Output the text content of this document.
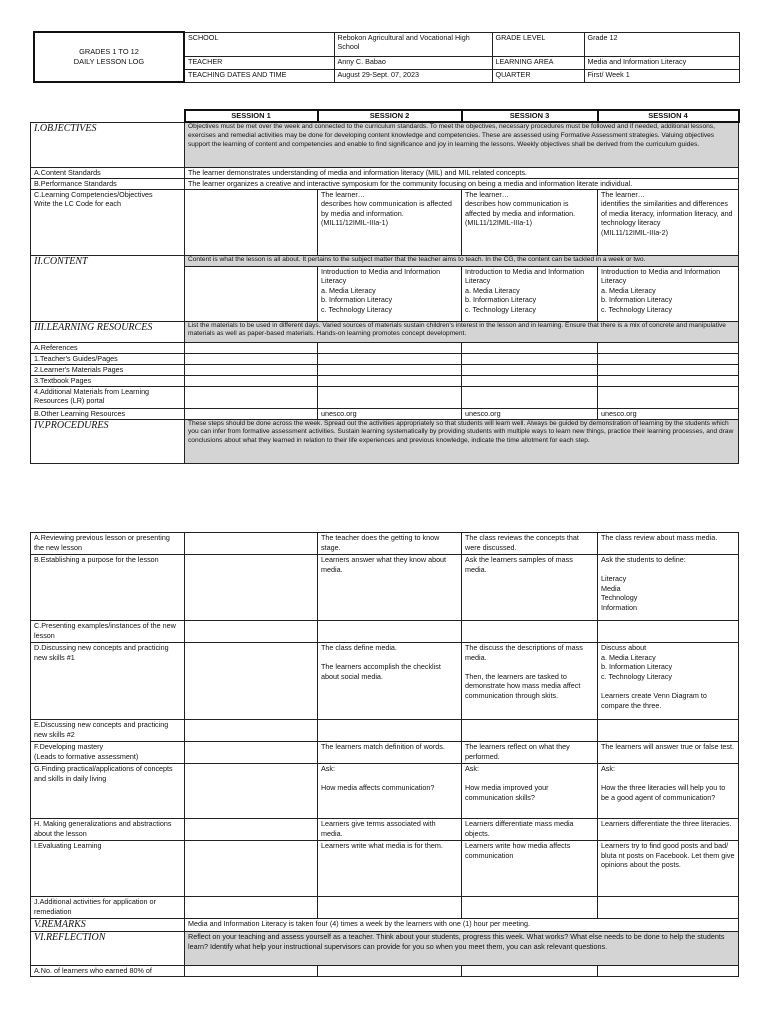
GRADES 1 TO 12
DAILY LESSON LOG	SCHOOL	Rebokon Agricultural and Vocational High School	GRADE LEVEL	Grade 12
	TEACHER	Anny C. Babao	LEARNING AREA	Media and Information Literacy
	TEACHING DATES AND TIME	August 29-Sept. 07, 2023	QUARTER	First/ Week 1
	SESSION 1	SESSION 2	SESSION 3	SESSION 4
I.OBJECTIVES	Objectives must be met over the week and connected to the curriculum standards. To meet the objectives, necessary procedures must be followed and if needed, additional lessons, exercises and remedial activities may be done for developing content knowledge and competencies. These are assessed using Formative Assessment strategies. Valuing objectives support the learning of content and competencies and enable to find significance and joy in learning the lessons. Weekly objectives shall be derived from the curriculum guides.			
A.Content Standards	The learner demonstrates understanding of media and information literacy (MIL) and MIL related concepts.			
B.Performance Standards	The learner organizes a creative and interactive symposium for the community focusing on being a media and information literate individual.			
C.Learning Competencies/Objectives
Write the LC Code for each		The learner…
describes how communication is affected by media and information.
(MIL11/12IMIL-IIIa-1)	The learner…
describes how communication is affected by media and information.
(MIL11/12IMIL-IIIa-1)	The learner…
identifies the similarities and differences of media literacy, information literacy, and technology literacy
(MIL11/12IMIL-IIIa-2)
II.CONTENT	Content is what the lesson is all about. It pertains to the subject matter that the teacher aims to teach. In the CG, the content can be tackled in a week or two.			
		Introduction to Media and Information Literacy
a. Media Literacy
b. Information Literacy
c. Technology Literacy	Introduction to Media and Information Literacy
a. Media Literacy
b. Information Literacy
c. Technology Literacy	Introduction to Media and Information Literacy
a. Media Literacy
b. Information Literacy
c. Technology Literacy
III.LEARNING RESOURCES	List the materials to be used in different days. Varied sources of materials sustain children's interest in the lesson and in learning. Ensure that there is a mix of concrete and manipulative materials as well as paper-based materials. Hands-on learning promotes concept development.			
A.References				
1.Teacher's Guides/Pages				
2.Learner's Materials Pages				
3.Textbook Pages				
4.Additional Materials from Learning Resources (LR) portal				
B.Other Learning Resources		unesco.org	unesco.org	unesco.org
IV.PROCEDURES	These steps should be done across the week. Spread out the activities appropriately so that students will learn well. Always be guided by demonstration of learning by the students which you can infer from formative assessment activities. Sustain learning systematically by providing students with multiple ways to learn new things, practice their learning processes, and draw conclusions about what they learned in relation to their life experiences and previous knowledge, indicate the time allotment for each step.			
A.Reviewing previous lesson or presenting the new lesson		The teacher does the getting to know stage.	The class reviews the concepts that were discussed.	The class review about mass media.
B.Establishing a purpose for the lesson		Learners answer what they know about media.	Ask the learners samples of mass media.	Ask the students to define:

Literacy
Media
Technology
Information
C.Presenting examples/instances of the new lesson				
D.Discussing new concepts and practicing new skills #1		The class define media.

The learners accomplish the checklist about social media.	The discuss the descriptions of mass media.

Then, the learners are tasked to demonstrate how mass media affect communication through skits.	Discuss about
a. Media Literacy
b. Information Literacy
c. Technology Literacy

Learners create Venn Diagram to compare the three.
E.Discussing new concepts and practicing new skills #2				
F.Developing mastery
(Leads to formative assessment)		The learners match definition of words.	The learners reflect on what they performed.	The learners will answer true or false test.
G.Finding practical/applications of concepts and skills in daily living		Ask:

How media affects communication?	Ask:

How media improved your communication skills?	Ask:

How the three literacies will help you to be a good agent of communication?
H. Making generalizations and abstractions about the lesson		Learners give terms associated with media.	Learners differentiate mass media objects.	Learners differentiate the three literacies.
I.Evaluating Learning		Learners write what media is for them.	Learners write how media affects communication	Learners try to find good posts and bad/ bluta nt posts on Facebook. Let them give opinions about the posts.
J.Additional activities for application or remediation				
V.REMARKS	Media and Information Literacy is taken four (4) times a week by the learners with one (1) hour per meeting.			
VI.REFLECTION	Reflect on your teaching and assess yourself as a teacher. Think about your students, progress this week. What works? What else needs to be done to help the students learn? Identify what help your instructional supervisors can provide for you so when you meet them, you can ask relevant questions.			
A.No. of learners who earned 80% of				
